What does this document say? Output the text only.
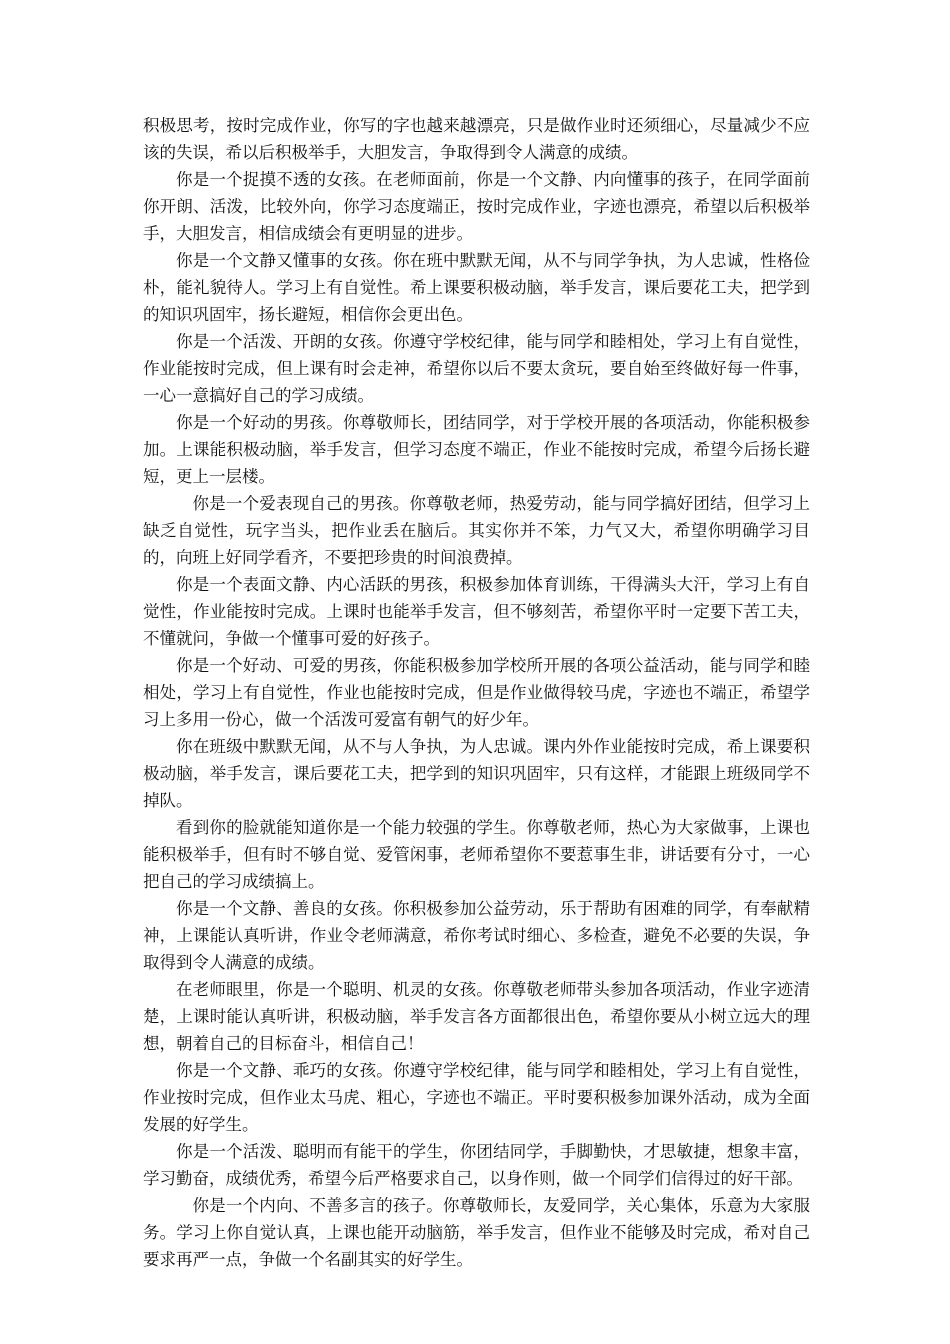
积极思考，按时完成作业，你写的字也越来越漂亮，只是做作业时还须细心，尽量减少不应该的失误，希以后积极举手，大胆发言，争取得到令人满意的成绩。

你是一个捉摸不透的女孩。在老师面前，你是一个文静、内向懂事的孩子，在同学面前你开朗、活泼，比较外向，你学习态度端正，按时完成作业，字迹也漂亮，希望以后积极举手，大胆发言，相信成绩会有更明显的进步。

你是一个文静又懂事的女孩。你在班中默默无闻，从不与同学争执，为人忠诚，性格俭朴，能礼貌待人。学习上有自觉性。希上课要积极动脑，举手发言，课后要花工夫，把学到的知识巩固牢，扬长避短，相信你会更出色。

你是一个活泼、开朗的女孩。你遵守学校纪律，能与同学和睦相处，学习上有自觉性，作业能按时完成，但上课有时会走神，希望你以后不要太贪玩，要自始至终做好每一件事，一心一意搞好自己的学习成绩。

你是一个好动的男孩。你尊敬师长，团结同学，对于学校开展的各项活动，你能积极参加。上课能积极动脑，举手发言，但学习态度不端正，作业不能按时完成，希望今后扬长避短，更上一层楼。

你是一个爱表现自己的男孩。你尊敬老师，热爱劳动，能与同学搞好团结，但学习上缺乏自觉性，玩字当头，把作业丢在脑后。其实你并不笨，力气又大，希望你明确学习目的，向班上好同学看齐，不要把珍贵的时间浪费掉。

你是一个表面文静、内心活跃的男孩，积极参加体育训练，干得满头大汗，学习上有自觉性，作业能按时完成。上课时也能举手发言，但不够刻苦，希望你平时一定要下苦工夫，不懂就问，争做一个懂事可爱的好孩子。

你是一个好动、可爱的男孩，你能积极参加学校所开展的各项公益活动，能与同学和睦相处，学习上有自觉性，作业也能按时完成，但是作业做得较马虎，字迹也不端正，希望学习上多用一份心，做一个活泼可爱富有朝气的好少年。

你在班级中默默无闻，从不与人争执，为人忠诚。课内外作业能按时完成，希上课要积极动脑，举手发言，课后要花工夫，把学到的知识巩固牢，只有这样，才能跟上班级同学不掉队。

看到你的脸就能知道你是一个能力较强的学生。你尊敬老师，热心为大家做事，上课也能积极举手，但有时不够自觉、爱管闲事，老师希望你不要惹事生非，讲话要有分寸，一心把自己的学习成绩搞上。

你是一个文静、善良的女孩。你积极参加公益劳动，乐于帮助有困难的同学，有奉献精神，上课能认真听讲，作业令老师满意，希你考试时细心、多检查，避免不必要的失误，争取得到令人满意的成绩。

在老师眼里，你是一个聪明、机灵的女孩。你尊敬老师带头参加各项活动，作业字迹清楚，上课时能认真听讲，积极动脑，举手发言各方面都很出色，希望你要从小树立远大的理想，朝着自己的目标奋斗，相信自己！

你是一个文静、乖巧的女孩。你遵守学校纪律，能与同学和睦相处，学习上有自觉性，作业按时完成，但作业太马虎、粗心，字迹也不端正。平时要积极参加课外活动，成为全面发展的好学生。

你是一个活泼、聪明而有能干的学生，你团结同学，手脚勤快，才思敏捷，想象丰富，学习勤奋，成绩优秀，希望今后严格要求自己，以身作则，做一个同学们信得过的好干部。

你是一个内向、不善多言的孩子。你尊敬师长，友爱同学，关心集体，乐意为大家服务。学习上你自觉认真，上课也能开动脑筋，举手发言，但作业不能够及时完成，希对自己要求再严一点，争做一个名副其实的好学生。
